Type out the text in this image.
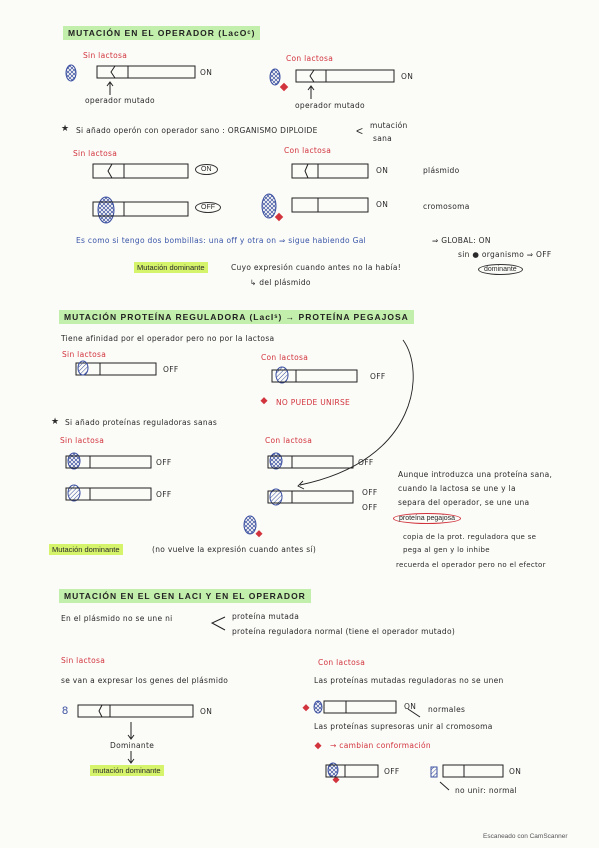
8
MUTACIÓN EN EL OPERADOR (LacOᶜ)
Sin lactosa	Con lactosa
ON	ON
operador mutado
operador mutado
★ Si añado operón con operador sano : ORGANISMO DIPLOIDE	< mutación
sana
Sin lactosa	Con lactosa
ON
OFF
ON
ON
plásmido
cromosoma
Es como si tengo dos bombillas: una off y otra on ⇒ sigue habiendo Gal	⇒ GLOBAL: ON
sin ● organismo ⇒ OFF
dominante
Mutación dominante	Cuyo expresión cuando antes no la había!
↳ del plásmido
MUTACIÓN PROTEÍNA REGULADORA (LacIˢ) → PROTEÍNA PEGAJOSA
Tiene afinidad por el operador pero no por la lactosa
Sin lactosa	Con lactosa
OFF
OFF
NO PUEDE UNIRSE
★ Si añado proteínas reguladoras sanas
Sin lactosa	Con lactosa
OFF	OFF
OFF	OFF
OFF
Aunque introduzca una proteína sana,
cuando la lactosa se une y la
separa del operador, se une una
proteína pegajosa
copia de la prot. reguladora que se
pega al gen y lo inhibe
recuerda el operador pero no el efector
Mutación dominante	(no vuelve la expresión cuando antes sí)
MUTACIÓN EN EL GEN LACI Y EN EL OPERADOR
En el plásmido no se une ni	proteína mutada
proteína reguladora normal (tiene el operador mutado)
Sin lactosa	Con lactosa
se van a expresar los genes del plásmido	Las proteínas mutadas reguladoras no se unen
ON
ON normales
Las proteínas supresoras unir al cromosoma
→ cambian conformación
Dominante
mutación dominante	OFF	ON
no unir: normal
Escaneado con CamScanner
